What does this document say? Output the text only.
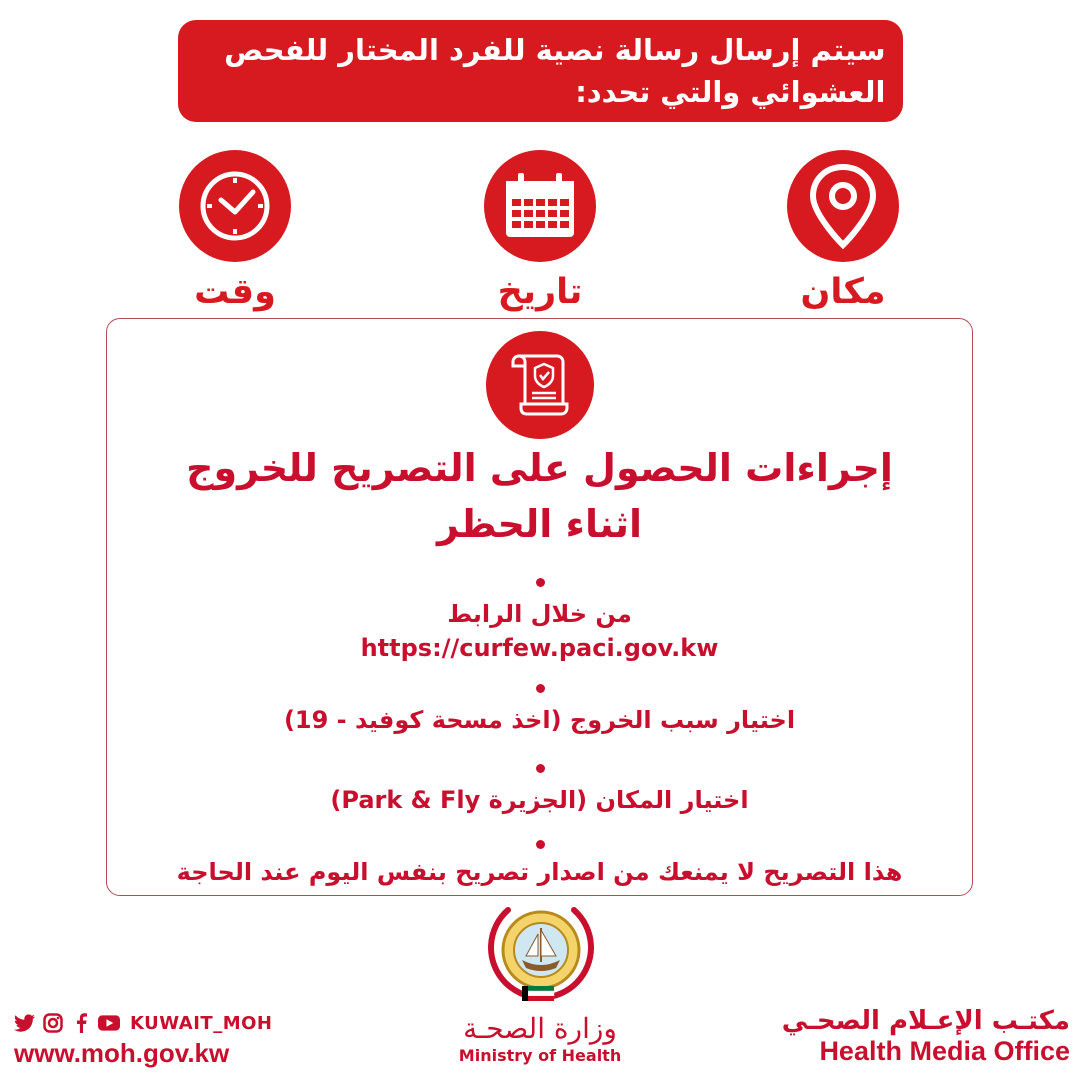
سيتم إرسال رسالة نصية للفرد المختار للفحص
العشوائي والتي تحدد:
مكان
تاريخ
وقت
إجراءات الحصول على التصريح للخروج
اثناء الحظر
من خلال الرابط
https://curfew.paci.gov.kw
اختيار سبب الخروج (اخذ مسحة كوفيد - 19)
اختيار المكان (الجزيرة Park & Fly)
هذا التصريح لا يمنعك من اصدار تصريح بنفس اليوم عند الحاجة
KUWAIT_MOH
www.moh.gov.kw
وزارة الصحـة
Ministry of Health
مكتـب الإعـلام الصحـي
Health Media Office
